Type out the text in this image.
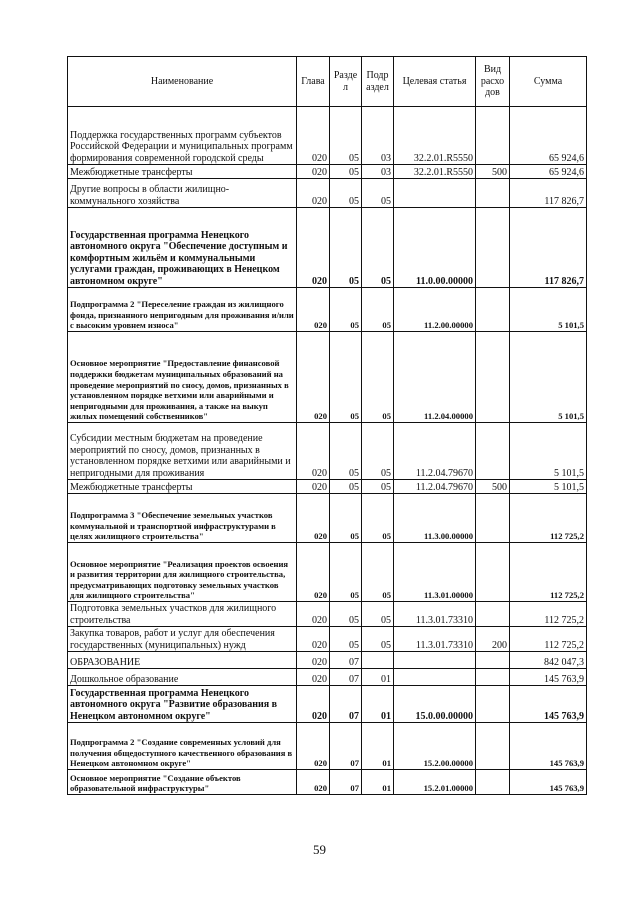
Наименование	Глава	Разде л	Подр аздел	Целевая статья	Вид расхо дов	Сумма
Поддержка государственных программ субъектов Российской Федерации и муниципальных программ формирования современной городской среды	020	05	03	32.2.01.R5550		65 924,6
Межбюджетные трансферты	020	05	03	32.2.01.R5550	500	65 924,6
Другие вопросы в области жилищно-коммунального хозяйства	020	05	05			117 826,7
Государственная программа Ненецкого автономного округа "Обеспечение доступным и комфортным жильём и коммунальными услугами граждан, проживающих в Ненецком автономном округе"	020	05	05	11.0.00.00000		117 826,7
Подпрограмма 2 "Переселение граждан из жилищного фонда, признанного непригодным для проживания и/или с высоким уровнем износа"	020	05	05	11.2.00.00000		5 101,5
Основное мероприятие "Предоставление финансовой поддержки бюджетам муниципальных образований на проведение мероприятий по сносу, домов, признанных в установленном порядке ветхими или аварийными и непригодными для проживания, а также на выкуп жилых помещений собственников"	020	05	05	11.2.04.00000		5 101,5
Субсидии местным бюджетам на проведение мероприятий по сносу, домов, признанных в установленном порядке ветхими или аварийными и непригодными для проживания	020	05	05	11.2.04.79670		5 101,5
Межбюджетные трансферты	020	05	05	11.2.04.79670	500	5 101,5
Подпрограмма 3 "Обеспечение земельных участков коммунальной и транспортной инфраструктурами в целях жилищного строительства"	020	05	05	11.3.00.00000		112 725,2
Основное мероприятие "Реализация проектов освоения и развития территории для жилищного строительства, предусматривающих подготовку земельных участков для жилищного строительства"	020	05	05	11.3.01.00000		112 725,2
Подготовка земельных участков для жилищного строительства	020	05	05	11.3.01.73310		112 725,2
Закупка товаров, работ и услуг для обеспечения государственных (муниципальных) нужд	020	05	05	11.3.01.73310	200	112 725,2
ОБРАЗОВАНИЕ	020	07				842 047,3
Дошкольное образование	020	07	01			145 763,9
Государственная программа Ненецкого автономного округа "Развитие образования в Ненецком автономном округе"	020	07	01	15.0.00.00000		145 763,9
Подпрограмма 2 "Создание современных условий для получения общедоступного качественного образования в Ненецком автономном округе"	020	07	01	15.2.00.00000		145 763,9
Основное мероприятие "Создание объектов образовательной инфраструктуры"	020	07	01	15.2.01.00000		145 763,9
59
